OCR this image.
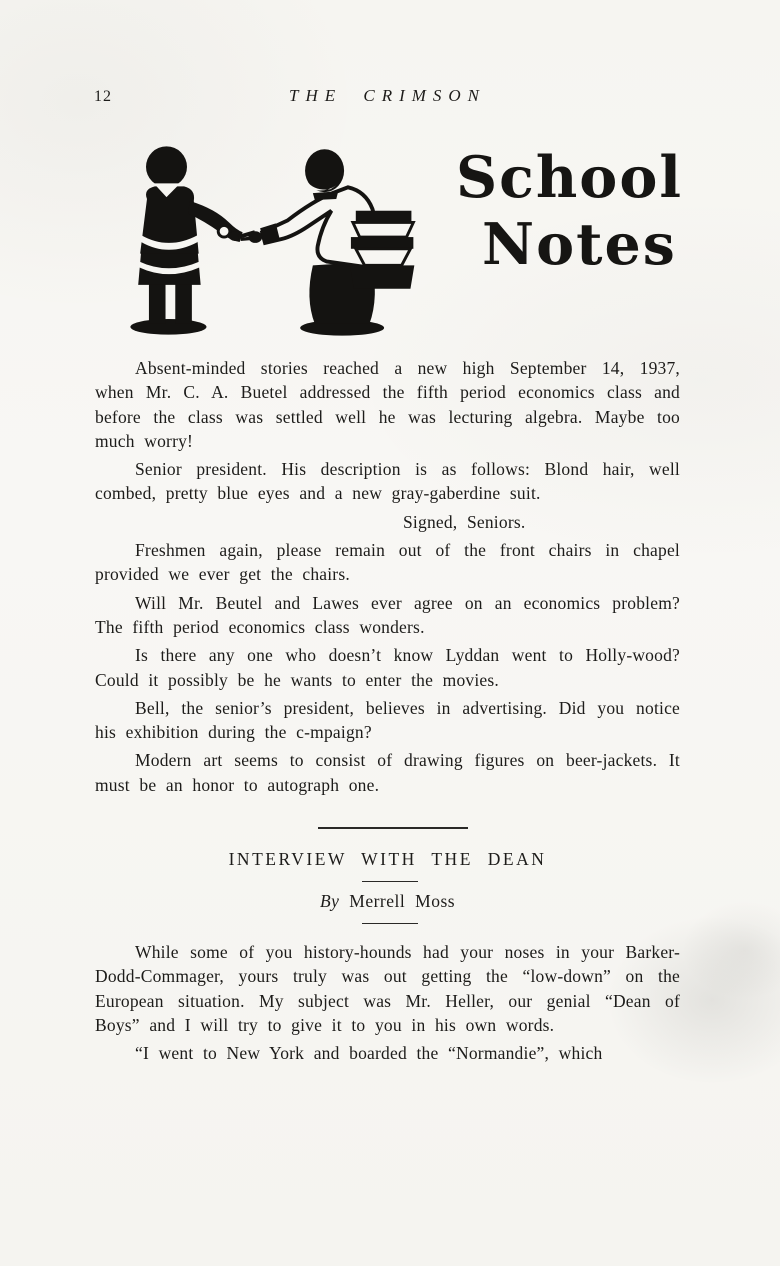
12	THE CRIMSON
School
Notes

Absent-minded stories reached a new high September 14, 1937, when Mr. C. A. Buetel addressed the fifth period economics class and before the class was settled well he was lecturing algebra. Maybe too much worry!

Senior president. His description is as follows: Blond hair, well combed, pretty blue eyes and a new gray-gaberdine suit.

Signed, Seniors.

Freshmen again, please remain out of the front chairs in chapel provided we ever get the chairs.

Will Mr. Beutel and Lawes ever agree on an economics problem? The fifth period economics class wonders.

Is there any one who doesn’t know Lyddan went to Holly-wood? Could it possibly be he wants to enter the movies.

Bell, the senior’s president, believes in advertising. Did you notice his exhibition during the c-mpaign?

Modern art seems to consist of drawing figures on beer-jackets. It must be an honor to autograph one.

INTERVIEW WITH THE DEAN
By Merrell Moss

While some of you history-hounds had your noses in your Barker-Dodd-Commager, yours truly was out getting the “low-down” on the European situation. My subject was Mr. Heller, our genial “Dean of Boys” and I will try to give it to you in his own words.

“I went to New York and boarded the “Normandie”, which
